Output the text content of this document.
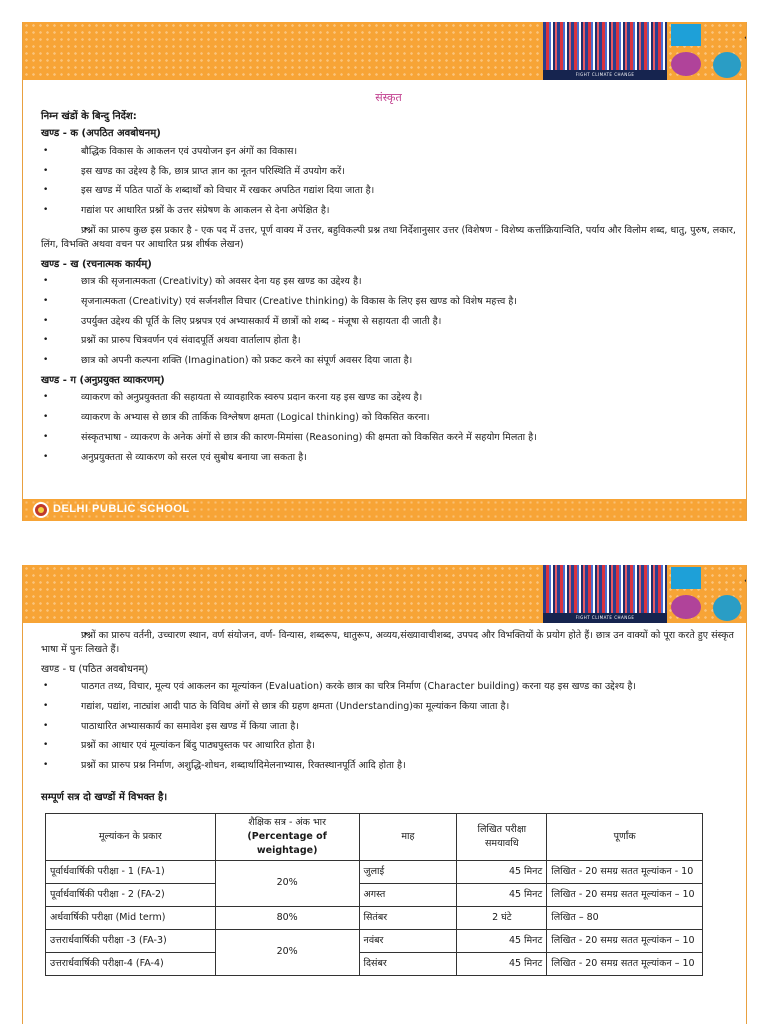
FIGHT CLIMATE CHANGE
संस्कृत
निम्न खंडों के बिन्दु निर्देश:
खण्ड - क (अपठित अवबोधनम्)
• बौद्धिक विकास के आकलन एवं उपयोजन इन अंगों का विकास।
• इस खण्ड का उद्देश्य है कि, छात्र प्राप्त ज्ञान का नूतन परिस्थिति में उपयोग करें।
• इस खण्ड में पठित पाठों के शब्दार्थों को विचार में रखकर अपठित गद्यांश दिया जाता है।
• गद्यांश पर आधारित प्रश्नों के उत्तर संप्रेषण के आकलन से देना अपेक्षित है।
• प्रश्नों का प्रारुप कुछ इस प्रकार है - एक पद में उत्तर, पूर्ण वाक्य में उत्तर, बहुविकल्पी प्रश्न तथा निर्देशानुसार उत्तर (विशेषण - विशेष्य कर्त्ताक्रियान्विति, पर्याय और विलोम शब्द, धातु, पुरुष, लकार, लिंग, विभक्ति अथवा वचन पर आधारित प्रश्न शीर्षक लेखन)
खण्ड - ख (रचनात्मक कार्यम्)
• छात्र की सृजनात्मकता (Creativity) को अवसर देना यह इस खण्ड का उद्देश्य है।
• सृजनात्मकता (Creativity) एवं सर्जनशील विचार (Creative thinking) के विकास के लिए इस खण्ड को विशेष महत्त्व है।
• उपर्युक्त उद्देश्य की पूर्ति के लिए प्रश्नपत्र एवं अभ्यासकार्य में छात्रों को शब्द - मंजूषा से सहायता दी जाती है।
• प्रश्नों का प्रारुप चित्रवर्णन एवं संवादपूर्ति अथवा वार्तालाप होता है।
• छात्र को अपनी कल्पना शक्ति (Imagination) को प्रकट करने का संपूर्ण अवसर दिया जाता है।
खण्ड - ग (अनुप्रयुक्त व्याकरणम्)
• व्याकरण को अनुप्रयुक्तता की सहायता से व्यावहारिक स्वरुप प्रदान करना यह इस खण्ड का उद्देश्य है।
• व्याकरण के अभ्यास से छात्र की तार्किक विश्लेषण क्षमता (Logical thinking) को विकसित करना।
• संस्कृतभाषा - व्याकरण के अनेक अंगों से छात्र की कारण-मिमांसा (Reasoning) की क्षमता को विकसित करने में सहयोग मिलता है।
• अनुप्रयुक्तता से व्याकरण को सरल एवं सुबोध बनाया जा सकता है।
DELHI PUBLIC SCHOOL
FIGHT CLIMATE CHANGE
• प्रश्नों का प्रारुप वर्तनी, उच्चारण स्थान, वर्ण संयोजन, वर्ण- विन्यास, शब्दरूप, धातुरूप, अव्यय,संख्यावाचीशब्द, उपपद और विभक्तियों के प्रयोग होते हैं। छात्र उन वाक्यों को पूरा करते हुए संस्कृत भाषा में पुनः लिखते हैं।
खण्ड - घ (पठित अवबोधनम्)
• पाठगत तथ्य, विचार, मूल्य एवं आकलन का मूल्यांकन (Evaluation) करके छात्र का चरित्र निर्माण (Character building) करना यह इस खण्ड का उद्देश्य है।
• गद्यांश, पद्यांश, नाट्यांश आदी पाठ के विविध अंगों से छात्र की ग्रहण क्षमता (Understanding)का मूल्यांकन किया जाता है।
• पाठाधारित अभ्यासकार्य का समावेश इस खण्ड में किया जाता है।
• प्रश्नों का आधार एवं मूल्यांकन बिंदु पाठ्यपुस्तक पर आधारित होता है।
• प्रश्नों का प्रारुप प्रश्न निर्माण, अशुद्धि-शोधन, शब्दार्थादिमेलनाभ्यास, रिक्तस्थानपूर्ति आदि होता है।
सम्पूर्ण सत्र दो खण्डों में विभक्त है।
मूल्यांकन के प्रकार	शैक्षिक सत्र - अंक भार
(Percentage of weightage)	माह	लिखित परीक्षा समयावधि	पूर्णांक
पूर्वार्धवार्षिकी परीक्षा - 1 (FA-1)	20%	जुलाई	45 मिनट	लिखित - 20 समग्र सतत मूल्यांकन - 10
पूर्वार्धवार्षिकी परीक्षा - 2 (FA-2)		अगस्त	45 मिनट	लिखित - 20 समग्र सतत मूल्यांकन – 10
अर्धवार्षिकी परीक्षा (Mid term)	80%	सितंबर	2 घंटे	लिखित – 80
उत्तरार्धवार्षिकी परीक्षा -3 (FA-3)	20%	नवंबर	45 मिनट	लिखित - 20 समग्र सतत मूल्यांकन – 10
उत्तरार्धवार्षिकी परीक्षा-4 (FA-4)		दिसंबर	45 मिनट	लिखित - 20 समग्र सतत मूल्यांकन – 10
